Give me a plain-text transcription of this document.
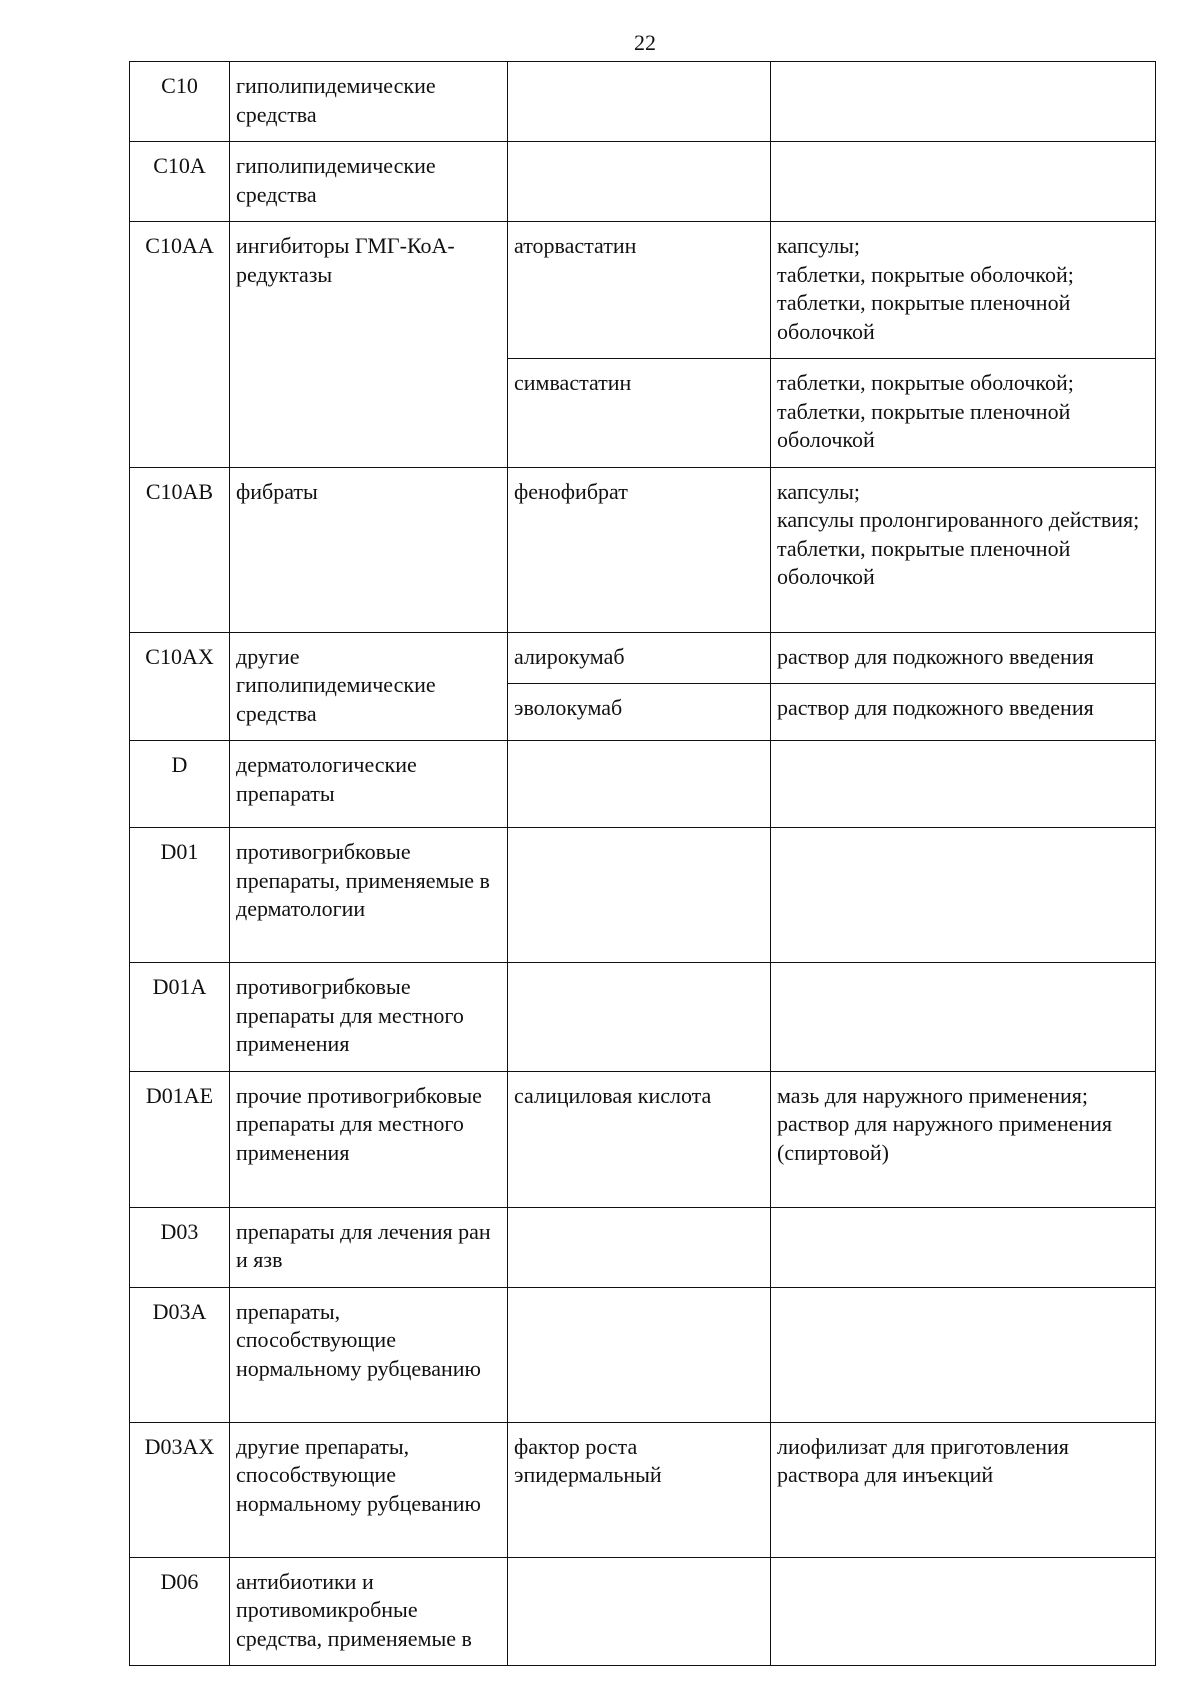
22
C10	гиполипидемические средства		
C10A	гиполипидемические средства		
C10AA	ингибиторы ГМГ-КоА-редуктазы	аторвастатин	капсулы;
таблетки, покрытые оболочкой;
таблетки, покрытые пленочной оболочкой

		симвастатин	таблетки, покрытые оболочкой;
таблетки, покрытые пленочной оболочкой

C10AB	фибраты	фенофибрат	капсулы;
капсулы пролонгированного действия;
таблетки, покрытые пленочной оболочкой

C10AX	другие гиполипидемические средства	алирокумаб	раствор для подкожного введения

		эволокумаб	раствор для подкожного введения

D	дерматологические препараты		
D01	противогрибковые препараты, применяемые в дерматологии		
D01A	противогрибковые препараты для местного применения		
D01AE	прочие противогрибковые препараты для местного применения	салициловая кислота	мазь для наружного применения;
раствор для наружного применения (спиртовой)

D03	препараты для лечения ран и язв		
D03A	препараты, способствующие нормальному рубцеванию		
D03AX	другие препараты, способствующие нормальному рубцеванию	фактор роста эпидермальный	лиофилизат для приготовления раствора для инъекций

D06	антибиотики и противомикробные средства, применяемые в		
